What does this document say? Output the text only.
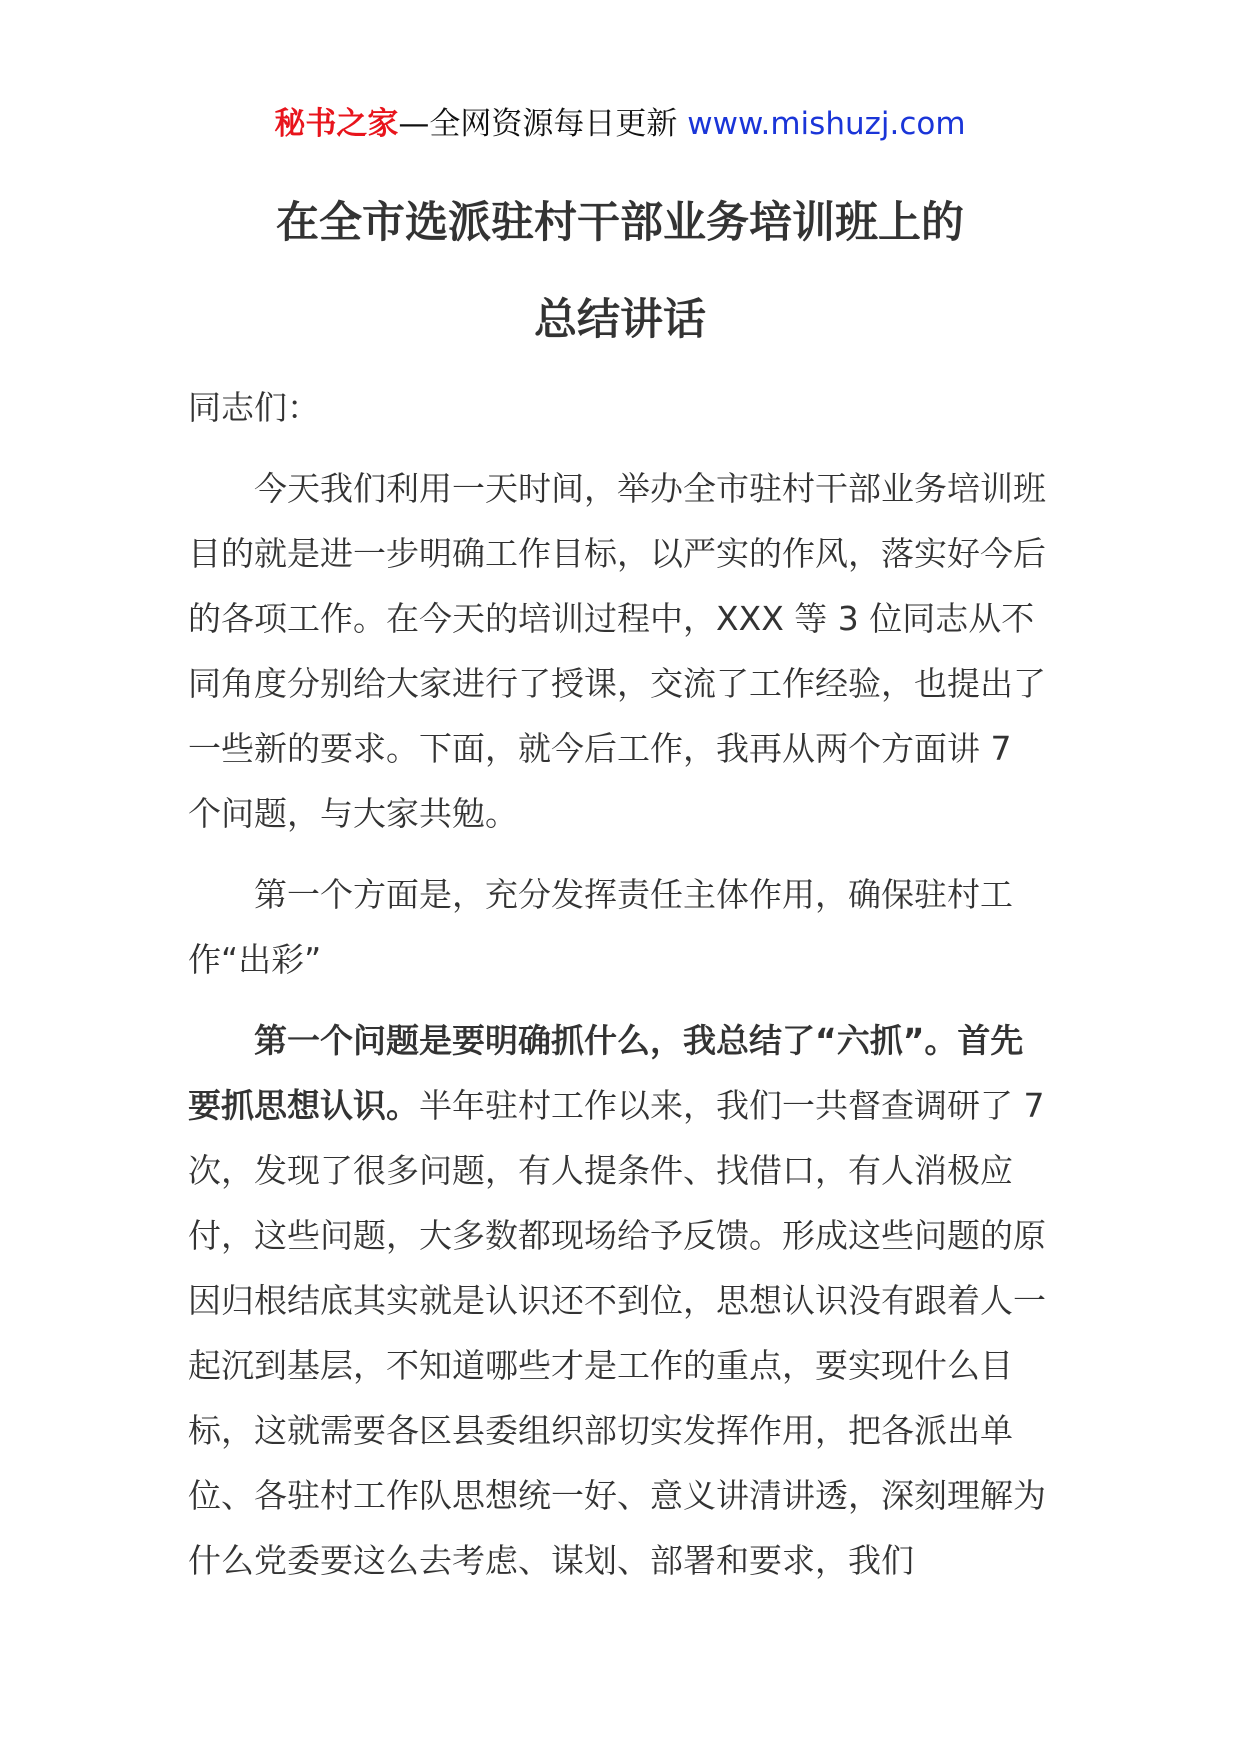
秘书之家—全网资源每日更新 www.mishuzj.com
在全市选派驻村干部业务培训班上的
总结讲话

同志们：

今天我们利用一天时间，举办全市驻村干部业务培训班目的就是进一步明确工作目标，以严实的作风，落实好今后的各项工作。在今天的培训过程中，XXX 等 3 位同志从不同角度分别给大家进行了授课，交流了工作经验，也提出了一些新的要求。下面，就今后工作，我再从两个方面讲 7 个问题，与大家共勉。

第一个方面是，充分发挥责任主体作用，确保驻村工作“出彩”

第一个问题是要明确抓什么，我总结了“六抓”。首先要抓思想认识。半年驻村工作以来，我们一共督查调研了 7 次，发现了很多问题，有人提条件、找借口，有人消极应付，这些问题，大多数都现场给予反馈。形成这些问题的原因归根结底其实就是认识还不到位，思想认识没有跟着人一起沉到基层，不知道哪些才是工作的重点，要实现什么目标，这就需要各区县委组织部切实发挥作用，把各派出单位、各驻村工作队思想统一好、意义讲清讲透，深刻理解为什么党委要这么去考虑、谋划、部署和要求，我们
